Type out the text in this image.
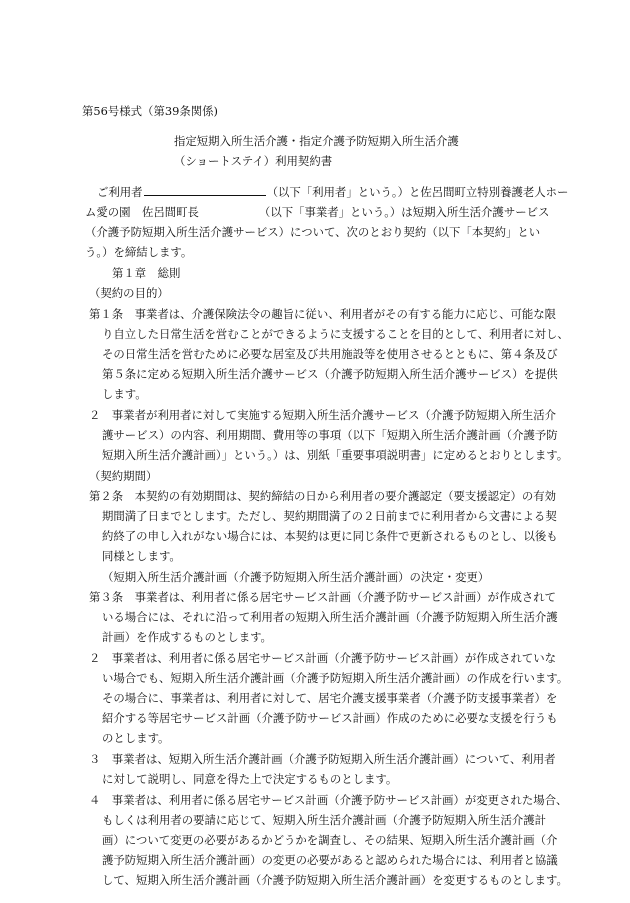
第56号様式（第39条関係)
指定短期入所生活介護・指定介護予防短期入所生活介護
（ショートステイ）利用契約書
ご利用者	（以下「利用者」という。）と佐呂間町立特別養護老人ホー
ム愛の園　佐呂間町長	（以下「事業者」という。）は短期入所生活介護サービス
（介護予防短期入所生活介護サービス）について、次のとおり契約（以下「本契約」とい
う。）を締結します。
第１章　総則
（契約の目的）
第１条　事業者は、介護保険法令の趣旨に従い、利用者がその有する能力に応じ、可能な限
り自立した日常生活を営むことができるように支援することを目的として、利用者に対し、
その日常生活を営むために必要な居室及び共用施設等を使用させるとともに、第４条及び
第５条に定める短期入所生活介護サービス（介護予防短期入所生活介護サービス）を提供
します。
２　事業者が利用者に対して実施する短期入所生活介護サービス（介護予防短期入所生活介
護サービス）の内容、利用期間、費用等の事項（以下「短期入所生活介護計画（介護予防
短期入所生活介護計画）」という。）は、別紙「重要事項説明書」に定めるとおりとします。
（契約期間）
第２条　本契約の有効期間は、契約締結の日から利用者の要介護認定（要支援認定）の有効
期間満了日までとします。ただし、契約期間満了の２日前までに利用者から文書による契
約終了の申し入れがない場合には、本契約は更に同じ条件で更新されるものとし、以後も
同様とします。
（短期入所生活介護計画（介護予防短期入所生活介護計画）の決定・変更）
第３条　事業者は、利用者に係る居宅サービス計画（介護予防サービス計画）が作成されて
いる場合には、それに沿って利用者の短期入所生活介護計画（介護予防短期入所生活介護
計画）を作成するものとします。
２　事業者は、利用者に係る居宅サービス計画（介護予防サービス計画）が作成されていな
い場合でも、短期入所生活介護計画（介護予防短期入所生活介護計画）の作成を行います。
その場合に、事業者は、利用者に対して、居宅介護支援事業者（介護予防支援事業者）を
紹介する等居宅サービス計画（介護予防サービス計画）作成のために必要な支援を行うも
のとします。
３　事業者は、短期入所生活介護計画（介護予防短期入所生活介護計画）について、利用者
に対して説明し、同意を得た上で決定するものとします。
４　事業者は、利用者に係る居宅サービス計画（介護予防サービス計画）が変更された場合、
もしくは利用者の要請に応じて、短期入所生活介護計画（介護予防短期入所生活介護計
画）について変更の必要があるかどうかを調査し、その結果、短期入所生活介護計画（介
護予防短期入所生活介護計画）の変更の必要があると認められた場合には、利用者と協議
して、短期入所生活介護計画（介護予防短期入所生活介護計画）を変更するものとします。
